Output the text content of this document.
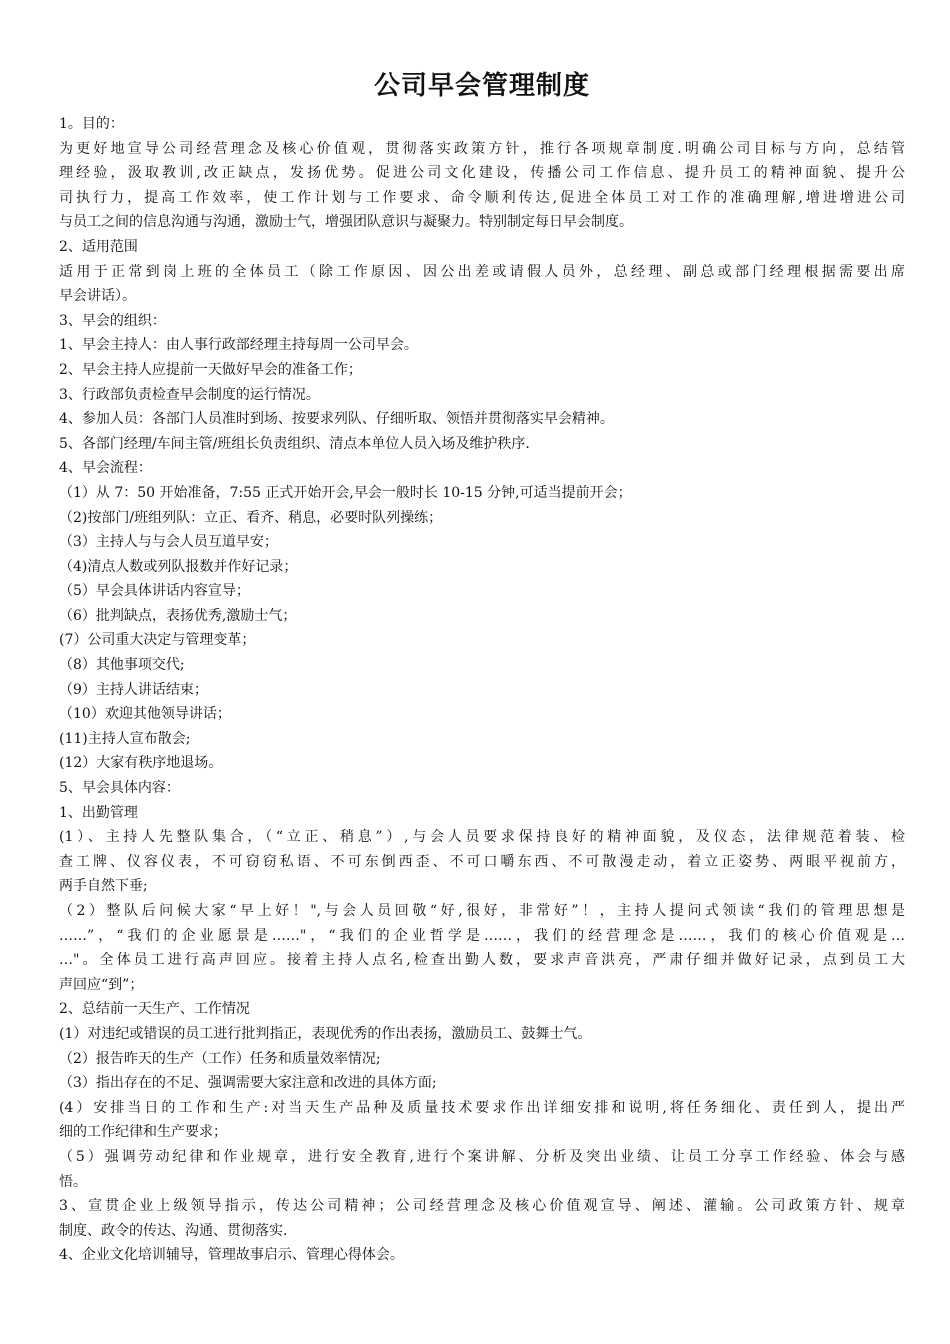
公司早会管理制度
1。目的：
为更好地宣导公司经营理念及核心价值观，贯彻落实政策方针，推行各项规章制度.明确公司目标与方向，总结管
理经验，汲取教训,改正缺点，发扬优势。促进公司文化建设，传播公司工作信息、提升员工的精神面貌、提升公
司执行力，提高工作效率，使工作计划与工作要求、命令顺利传达,促进全体员工对工作的准确理解,增进增进公司
与员工之间的信息沟通与沟通，激励士气，增强团队意识与凝聚力。特别制定每日早会制度。
2、适用范围
适用于正常到岗上班的全体员工（除工作原因、因公出差或请假人员外，总经理、副总或部门经理根据需要出席
早会讲话）。
3、早会的组织：
1、早会主持人：由人事行政部经理主持每周一公司早会。
2、早会主持人应提前一天做好早会的准备工作；
3、行政部负责检查早会制度的运行情况。
4、参加人员：各部门人员准时到场、按要求列队、仔细听取、领悟并贯彻落实早会精神。
5、各部门经理/车间主管/班组长负责组织、清点本单位人员入场及维护秩序.
4、早会流程：
（1）从 7：50 开始准备，7:55 正式开始开会,早会一般时长 10-15 分钟,可适当提前开会；
（2)按部门/班组列队：立正、看齐、稍息，必要时队列操练；
（3）主持人与与会人员互道早安；
（4)清点人数或列队报数并作好记录；
（5）早会具体讲话内容宣导；
（6）批判缺点，表扬优秀,激励士气；
(7）公司重大决定与管理变革；
（8）其他事项交代;
（9）主持人讲话结束；
（10）欢迎其他领导讲话；
(11)主持人宣布散会;
(12）大家有秩序地退场。
5、早会具体内容：
1、出勤管理
(1）、主持人先整队集合，（“立正、稍息”）,与会人员要求保持良好的精神面貌，及仪态，法律规范着装、检
查工牌、仪容仪表，不可窃窃私语、不可东倒西歪、不可口嚼东西、不可散漫走动，着立正姿势、两眼平视前方，
两手自然下垂;
（2）整队后问候大家“早上好！",与会人员回敬“好,很好，非常好”！，主持人提问式领读“我们的管理思想是
……”，“我们的企业愿景是……"，“我们的企业哲学是……，我们的经营理念是……，我们的核心价值观是…
…"。全体员工进行高声回应。接着主持人点名,检查出勤人数，要求声音洪亮，严肃仔细并做好记录，点到员工大
声回应“到”；
2、总结前一天生产、工作情况
(1）对违纪或错误的员工进行批判指正，表现优秀的作出表扬，激励员工、鼓舞士气。
（2）报告昨天的生产（工作）任务和质量效率情况;
（3）指出存在的不足、强调需要大家注意和改进的具体方面;
(4）安排当日的工作和生产:对当天生产品种及质量技术要求作出详细安排和说明,将任务细化、责任到人，提出严
细的工作纪律和生产要求；
（5）强调劳动纪律和作业规章，进行安全教育,进行个案讲解、分析及突出业绩、让员工分享工作经验、体会与感
悟。
3、宣贯企业上级领导指示，传达公司精神；公司经营理念及核心价值观宣导、阐述、灌输。公司政策方针、规章
制度、政令的传达、沟通、贯彻落实.
4、企业文化培训辅导，管理故事启示、管理心得体会。
